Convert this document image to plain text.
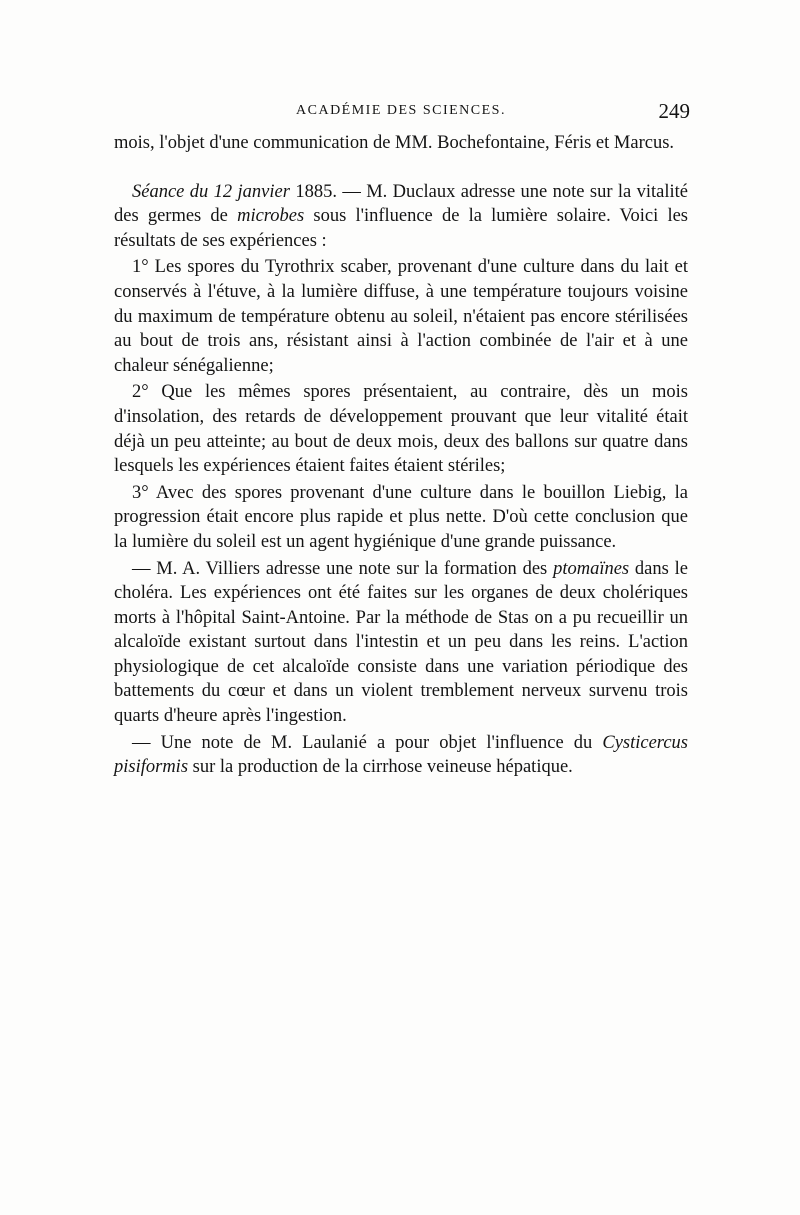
ACADÉMIE DES SCIENCES.	249

mois, l'objet d'une communication de MM. Bochefontaine, Féris et Marcus.

Séance du 12 janvier 1885. — M. Duclaux adresse une note sur la vitalité des germes de microbes sous l'influence de la lumière solaire. Voici les résultats de ses expériences :

1° Les spores du Tyrothrix scaber, provenant d'une culture dans du lait et conservés à l'étuve, à la lumière diffuse, à une température toujours voisine du maximum de température obtenu au soleil, n'étaient pas encore stérilisées au bout de trois ans, résistant ainsi à l'action combinée de l'air et à une chaleur sénégalienne;

2° Que les mêmes spores présentaient, au contraire, dès un mois d'insolation, des retards de développement prouvant que leur vitalité était déjà un peu atteinte; au bout de deux mois, deux des ballons sur quatre dans lesquels les expériences étaient faites étaient stériles;

3° Avec des spores provenant d'une culture dans le bouillon Liebig, la progression était encore plus rapide et plus nette. D'où cette conclusion que la lumière du soleil est un agent hygiénique d'une grande puissance.

— M. A. Villiers adresse une note sur la formation des ptomaïnes dans le choléra. Les expériences ont été faites sur les organes de deux cholériques morts à l'hôpital Saint-Antoine. Par la méthode de Stas on a pu recueillir un alcaloïde existant surtout dans l'intestin et un peu dans les reins. L'action physiologique de cet alcaloïde consiste dans une variation périodique des battements du cœur et dans un violent tremblement nerveux survenu trois quarts d'heure après l'ingestion.

— Une note de M. Laulanié a pour objet l'influence du Cysticercus pisiformis sur la production de la cirrhose veineuse hépatique.
